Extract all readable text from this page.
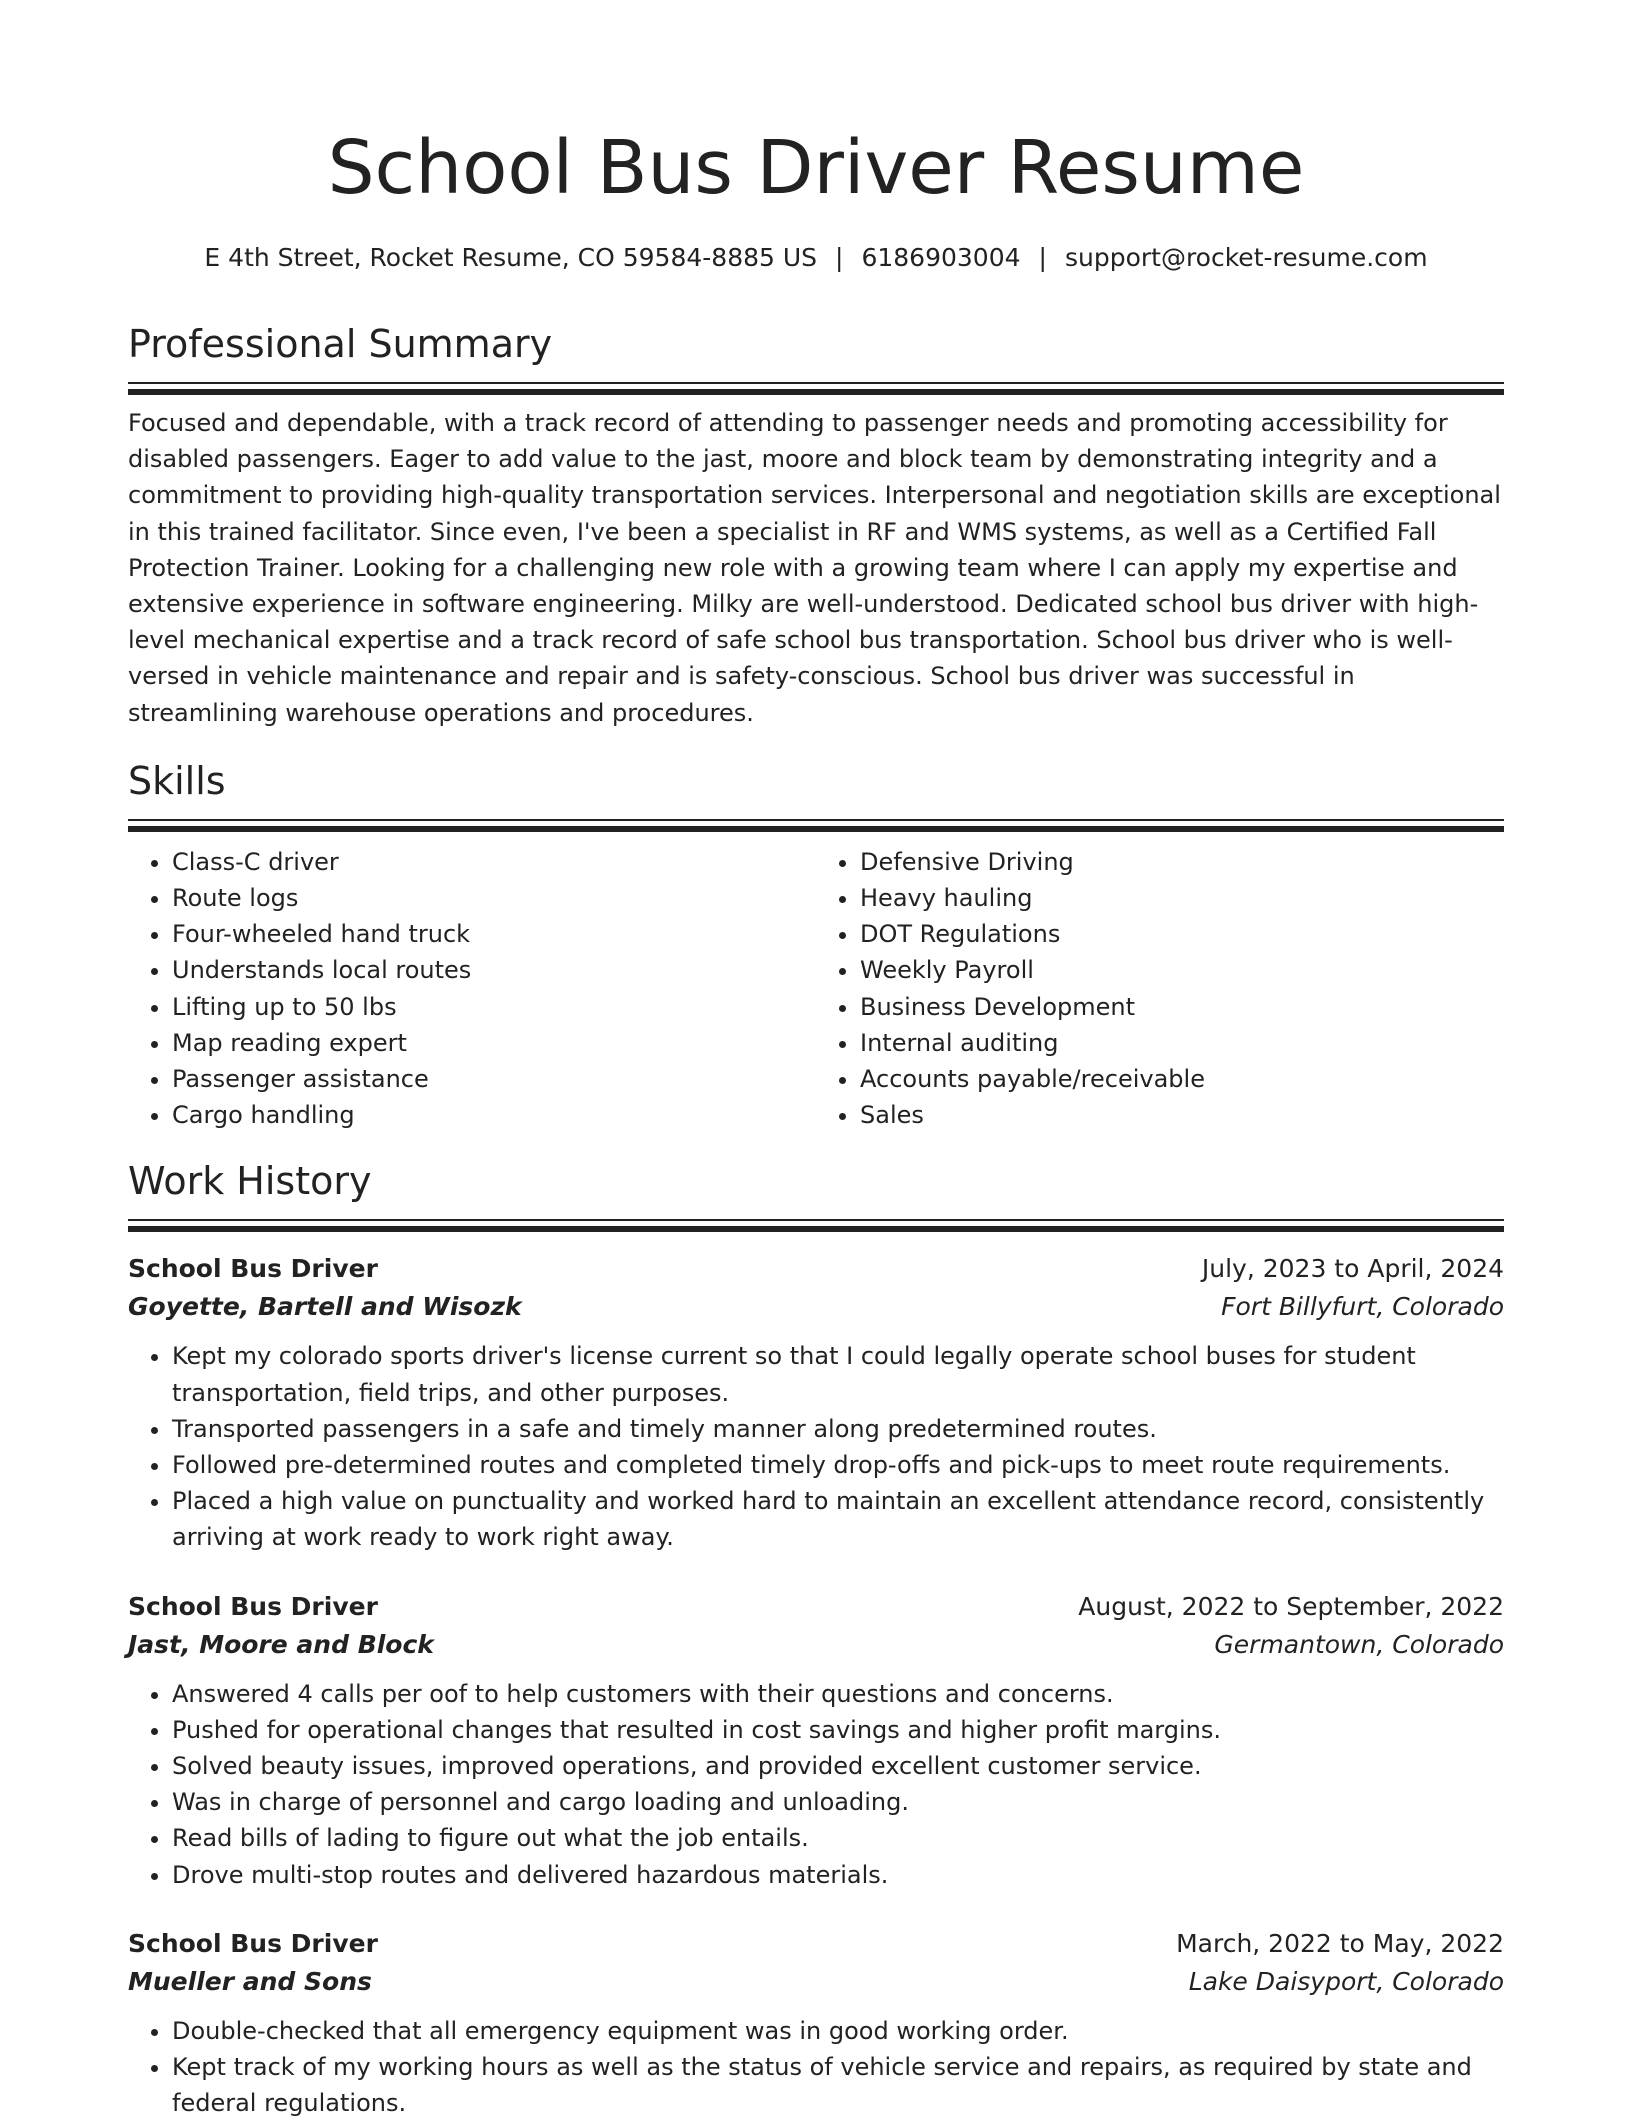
School Bus Driver Resume
E 4th Street, Rocket Resume, CO 59584-8885 US | 6186903004 | support@rocket-resume.com
Professional Summary

Focused and dependable, with a track record of attending to passenger needs and promoting accessibility for disabled passengers. Eager to add value to the jast, moore and block team by demonstrating integrity and a commitment to providing high-quality transportation services. Interpersonal and negotiation skills are exceptional in this trained facilitator. Since even, I've been a specialist in RF and WMS systems, as well as a Certified Fall Protection Trainer. Looking for a challenging new role with a growing team where I can apply my expertise and extensive experience in software engineering. Milky are well-understood. Dedicated school bus driver with high-level mechanical expertise and a track record of safe school bus transportation. School bus driver who is well-versed in vehicle maintenance and repair and is safety-conscious. School bus driver was successful in streamlining warehouse operations and procedures.

Skills
• Class-C driver
• Route logs
• Four-wheeled hand truck
• Understands local routes
• Lifting up to 50 lbs
• Map reading expert
• Passenger assistance
• Cargo handling
• Defensive Driving
• Heavy hauling
• DOT Regulations
• Weekly Payroll
• Business Development
• Internal auditing
• Accounts payable/receivable
• Sales
Work History
School Bus Driver	July, 2023 to April, 2024
Goyette, Bartell and Wisozk	Fort Billyfurt, Colorado
• Kept my colorado sports driver's license current so that I could legally operate school buses for student transportation, field trips, and other purposes.
• Transported passengers in a safe and timely manner along predetermined routes.
• Followed pre-determined routes and completed timely drop-offs and pick-ups to meet route requirements.
• Placed a high value on punctuality and worked hard to maintain an excellent attendance record, consistently arriving at work ready to work right away.
School Bus Driver	August, 2022 to September, 2022
Jast, Moore and Block	Germantown, Colorado
• Answered 4 calls per oof to help customers with their questions and concerns.
• Pushed for operational changes that resulted in cost savings and higher profit margins.
• Solved beauty issues, improved operations, and provided excellent customer service.
• Was in charge of personnel and cargo loading and unloading.
• Read bills of lading to figure out what the job entails.
• Drove multi-stop routes and delivered hazardous materials.
School Bus Driver	March, 2022 to May, 2022
Mueller and Sons	Lake Daisyport, Colorado
• Double-checked that all emergency equipment was in good working order.
• Kept track of my working hours as well as the status of vehicle service and repairs, as required by state and federal regulations.
